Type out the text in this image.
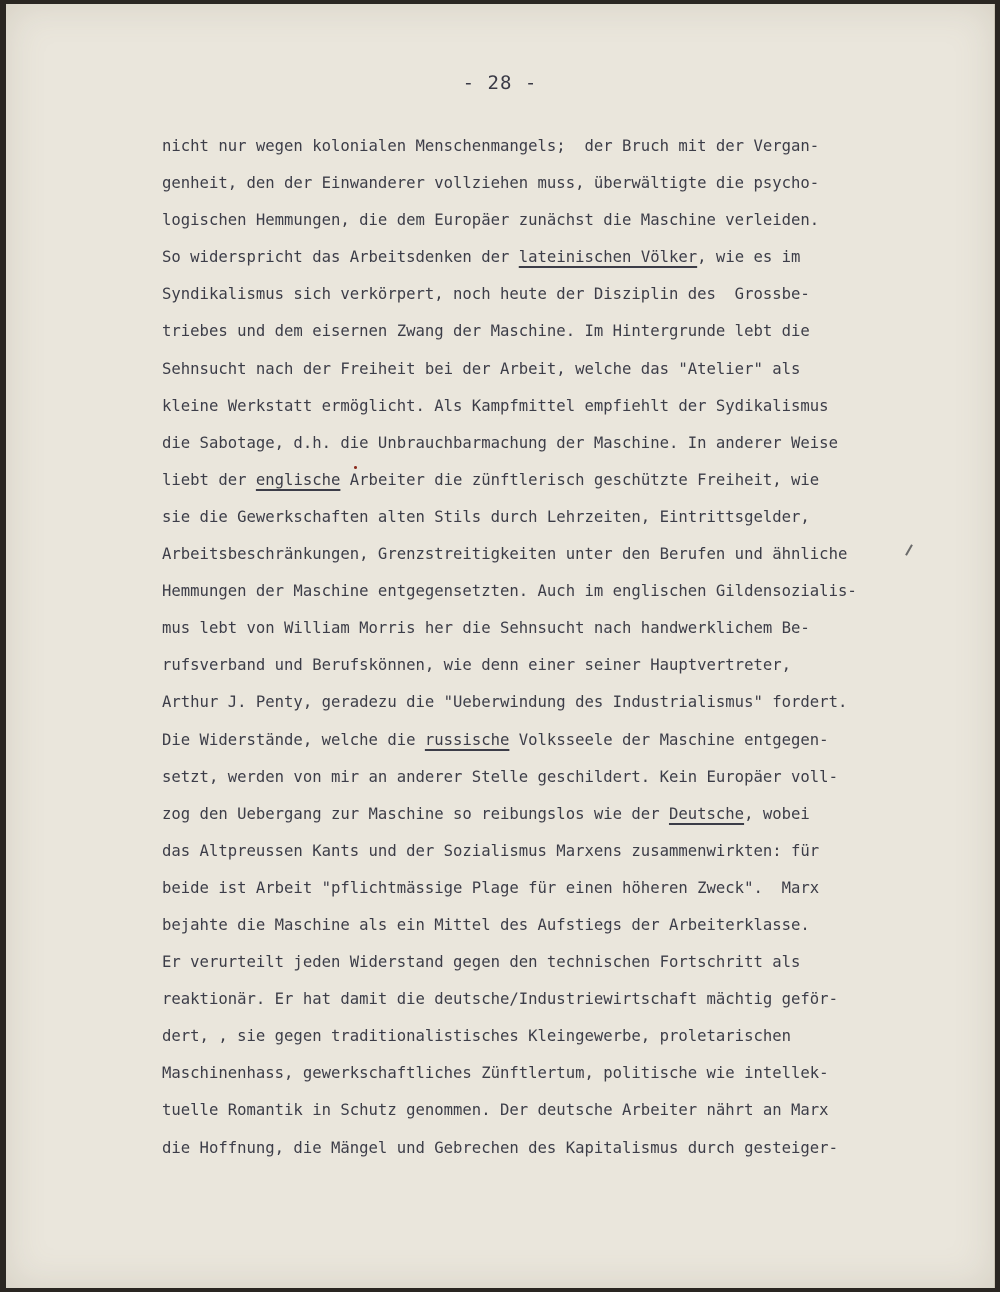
- 28 -
nicht nur wegen kolonialen Menschenmangels;  der Bruch mit der Vergan-
genheit, den der Einwanderer vollziehen muss, überwältigte die psycho-
logischen Hemmungen, die dem Europäer zunächst die Maschine verleiden.
So widerspricht das Arbeitsdenken der lateinischen Völker, wie es im
Syndikalismus sich verkörpert, noch heute der Disziplin des  Grossbe-
triebes und dem eisernen Zwang der Maschine. Im Hintergrunde lebt die
Sehnsucht nach der Freiheit bei der Arbeit, welche das "Atelier" als
kleine Werkstatt ermöglicht. Als Kampfmittel empfiehlt der Sydikalismus
die Sabotage, d.h. die Unbrauchbarmachung der Maschine. In anderer Weise
liebt der englische Arbeiter die zünftlerisch geschützte Freiheit, wie
sie die Gewerkschaften alten Stils durch Lehrzeiten, Eintrittsgelder,
Arbeitsbeschränkungen, Grenzstreitigkeiten unter den Berufen und ähnliche
Hemmungen der Maschine entgegensetzten. Auch im englischen Gildensozialis-
mus lebt von William Morris her die Sehnsucht nach handwerklichem Be-
rufsverband und Berufskönnen, wie denn einer seiner Hauptvertreter,
Arthur J. Penty, geradezu die "Ueberwindung des Industrialismus" fordert.
Die Widerstände, welche die russische Volksseele der Maschine entgegen-
setzt, werden von mir an anderer Stelle geschildert. Kein Europäer voll-
zog den Uebergang zur Maschine so reibungslos wie der Deutsche, wobei
das Altpreussen Kants und der Sozialismus Marxens zusammenwirkten: für
beide ist Arbeit "pflichtmässige Plage für einen höheren Zweck".  Marx
bejahte die Maschine als ein Mittel des Aufstiegs der Arbeiterklasse.
Er verurteilt jeden Widerstand gegen den technischen Fortschritt als
reaktionär. Er hat damit die deutsche/Industriewirtschaft mächtig geför-
dert, , sie gegen traditionalistisches Kleingewerbe, proletarischen
Maschinenhass, gewerkschaftliches Zünftlertum, politische wie intellek-
tuelle Romantik in Schutz genommen. Der deutsche Arbeiter nährt an Marx
die Hoffnung, die Mängel und Gebrechen des Kapitalismus durch gesteiger-
